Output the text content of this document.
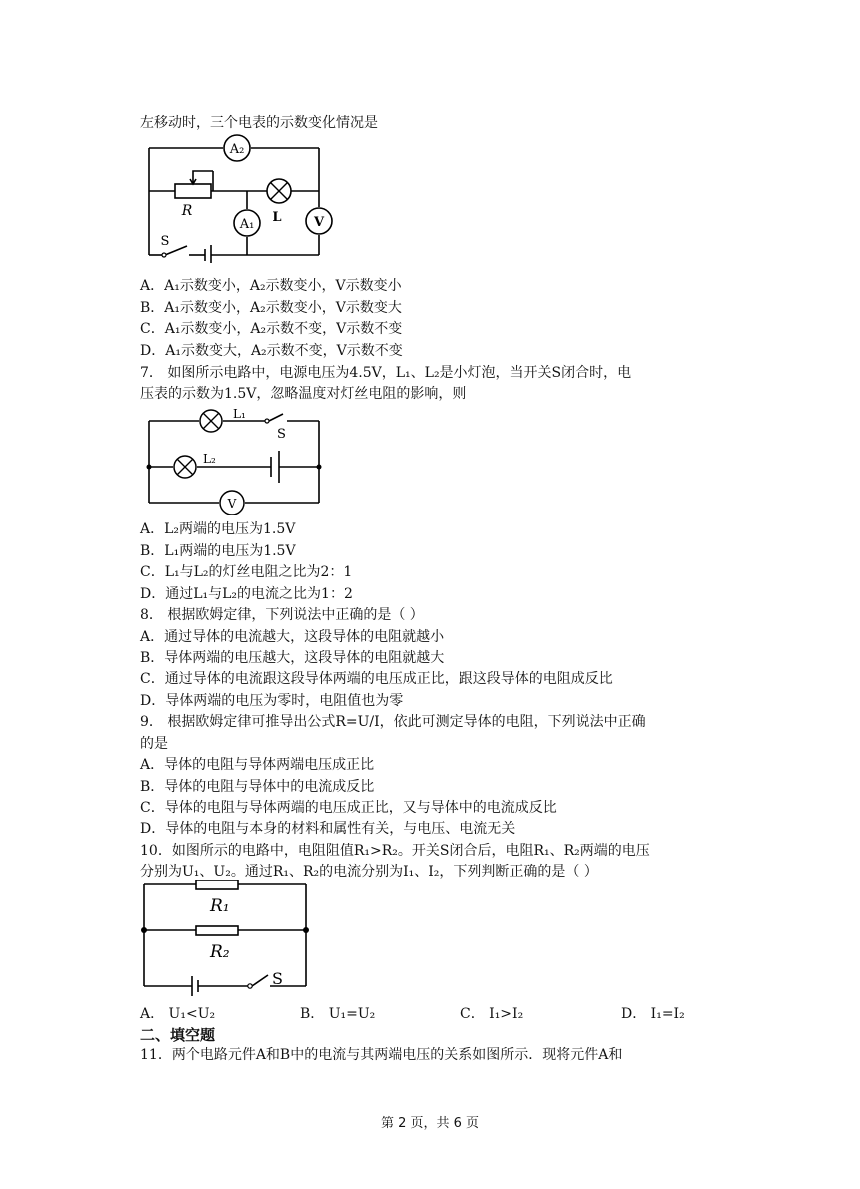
左移动时，三个电表的示数变化情况是
A₂
L
A₁	V
R
S
A．A₁示数变小，A₂示数变小，V示数变小
B．A₁示数变小，A₂示数变小，V示数变大
C．A₁示数变小，A₂示数不变，V示数不变
D．A₁示数变大，A₂示数不变，V示数不变
7． 如图所示电路中，电源电压为4.5V，L₁、L₂是小灯泡，当开关S闭合时，电
压表的示数为1.5V，忽略温度对灯丝电阻的影响，则
V
L₁
L₂
S
A．L₂两端的电压为1.5V
B．L₁两端的电压为1.5V
C．L₁与L₂的灯丝电阻之比为2：1
D．通过L₁与L₂的电流之比为1：2
8． 根据欧姆定律，下列说法中正确的是（ ）
A．通过导体的电流越大，这段导体的电阻就越小
B．导体两端的电压越大，这段导体的电阻就越大
C．通过导体的电流跟这段导体两端的电压成正比，跟这段导体的电阻成反比
D．导体两端的电压为零时，电阻值也为零
9． 根据欧姆定律可推导出公式R=U/I，依此可测定导体的电阻，下列说法中正确
的是
A．导体的电阻与导体两端电压成正比
B．导体的电阻与导体中的电流成反比
C．导体的电阻与导体两端的电压成正比，又与导体中的电流成反比
D．导体的电阻与本身的材料和属性有关，与电压、电流无关
10．如图所示的电路中，电阻阻值R₁>R₂。开关S闭合后，电阻R₁、R₂两端的电压
分别为U₁、U₂。通过R₁、R₂的电流分别为I₁、I₂，下列判断正确的是（ ）
R₁
R₂
S
A． U₁<U₂	B． U₁=U₂	C． I₁>I₂	D． I₁=I₂
二、填空题
11．两个电路元件A和B中的电流与其两端电压的关系如图所示．现将元件A和
第 2 页，共 6 页
